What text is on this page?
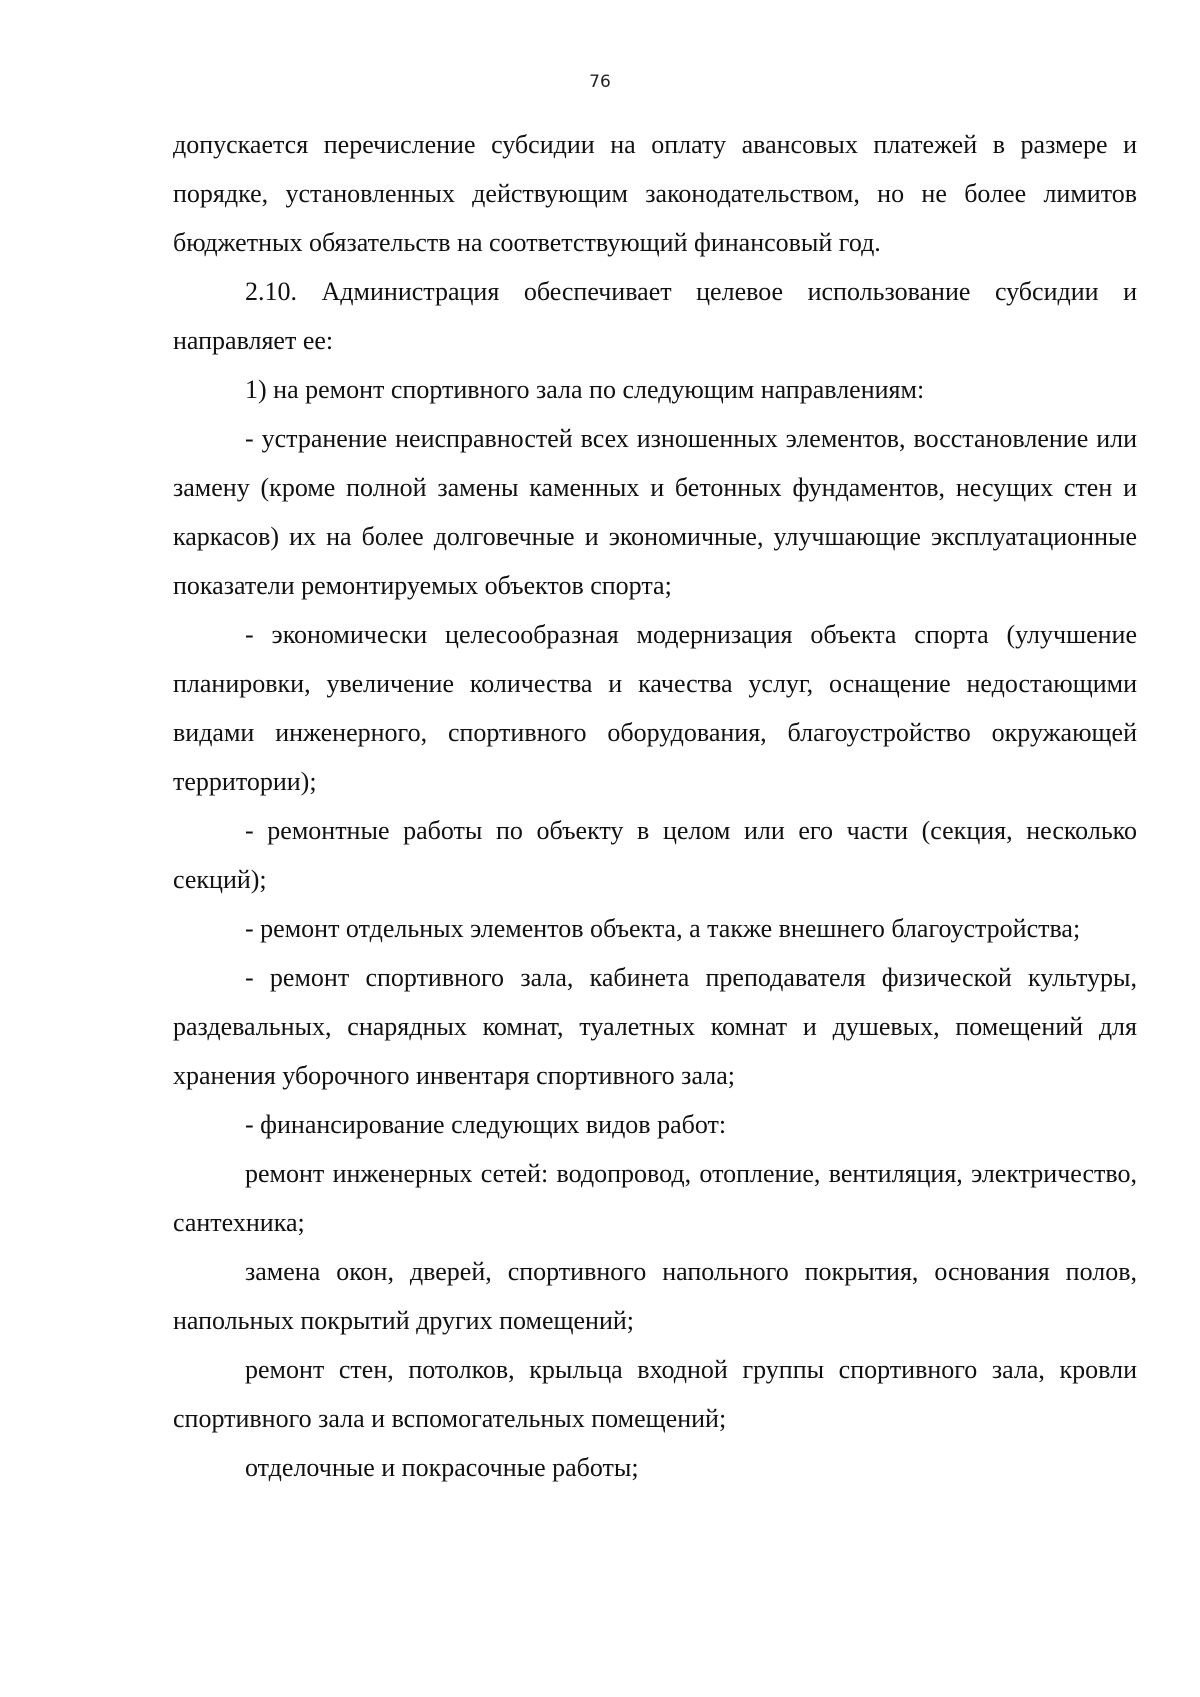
76

допускается перечисление субсидии на оплату авансовых платежей в размере и порядке, установленных действующим законодательством, но не более лимитов бюджетных обязательств на соответствующий финансовый год.

2.10. Администрация обеспечивает целевое использование субсидии и направляет ее:

1) на ремонт спортивного зала по следующим направлениям:

- устранение неисправностей всех изношенных элементов, восстановление или замену (кроме полной замены каменных и бетонных фундаментов, несущих стен и каркасов) их на более долговечные и экономичные, улучшающие эксплуатационные показатели ремонтируемых объектов спорта;

- экономически целесообразная модернизация объекта спорта (улучшение планировки, увеличение количества и качества услуг, оснащение недостающими видами инженерного, спортивного оборудования, благоустройство окружающей территории);

- ремонтные работы по объекту в целом или его части (секция, несколько секций);

- ремонт отдельных элементов объекта, а также внешнего благоустройства;

- ремонт спортивного зала, кабинета преподавателя физической культуры, раздевальных, снарядных комнат, туалетных комнат и душевых, помещений для хранения уборочного инвентаря спортивного зала;

- финансирование следующих видов работ:

ремонт инженерных сетей: водопровод, отопление, вентиляция, электричество, сантехника;

замена окон, дверей, спортивного напольного покрытия, основания полов, напольных покрытий других помещений;

ремонт стен, потолков, крыльца входной группы спортивного зала, кровли спортивного зала и вспомогательных помещений;

отделочные и покрасочные работы;
